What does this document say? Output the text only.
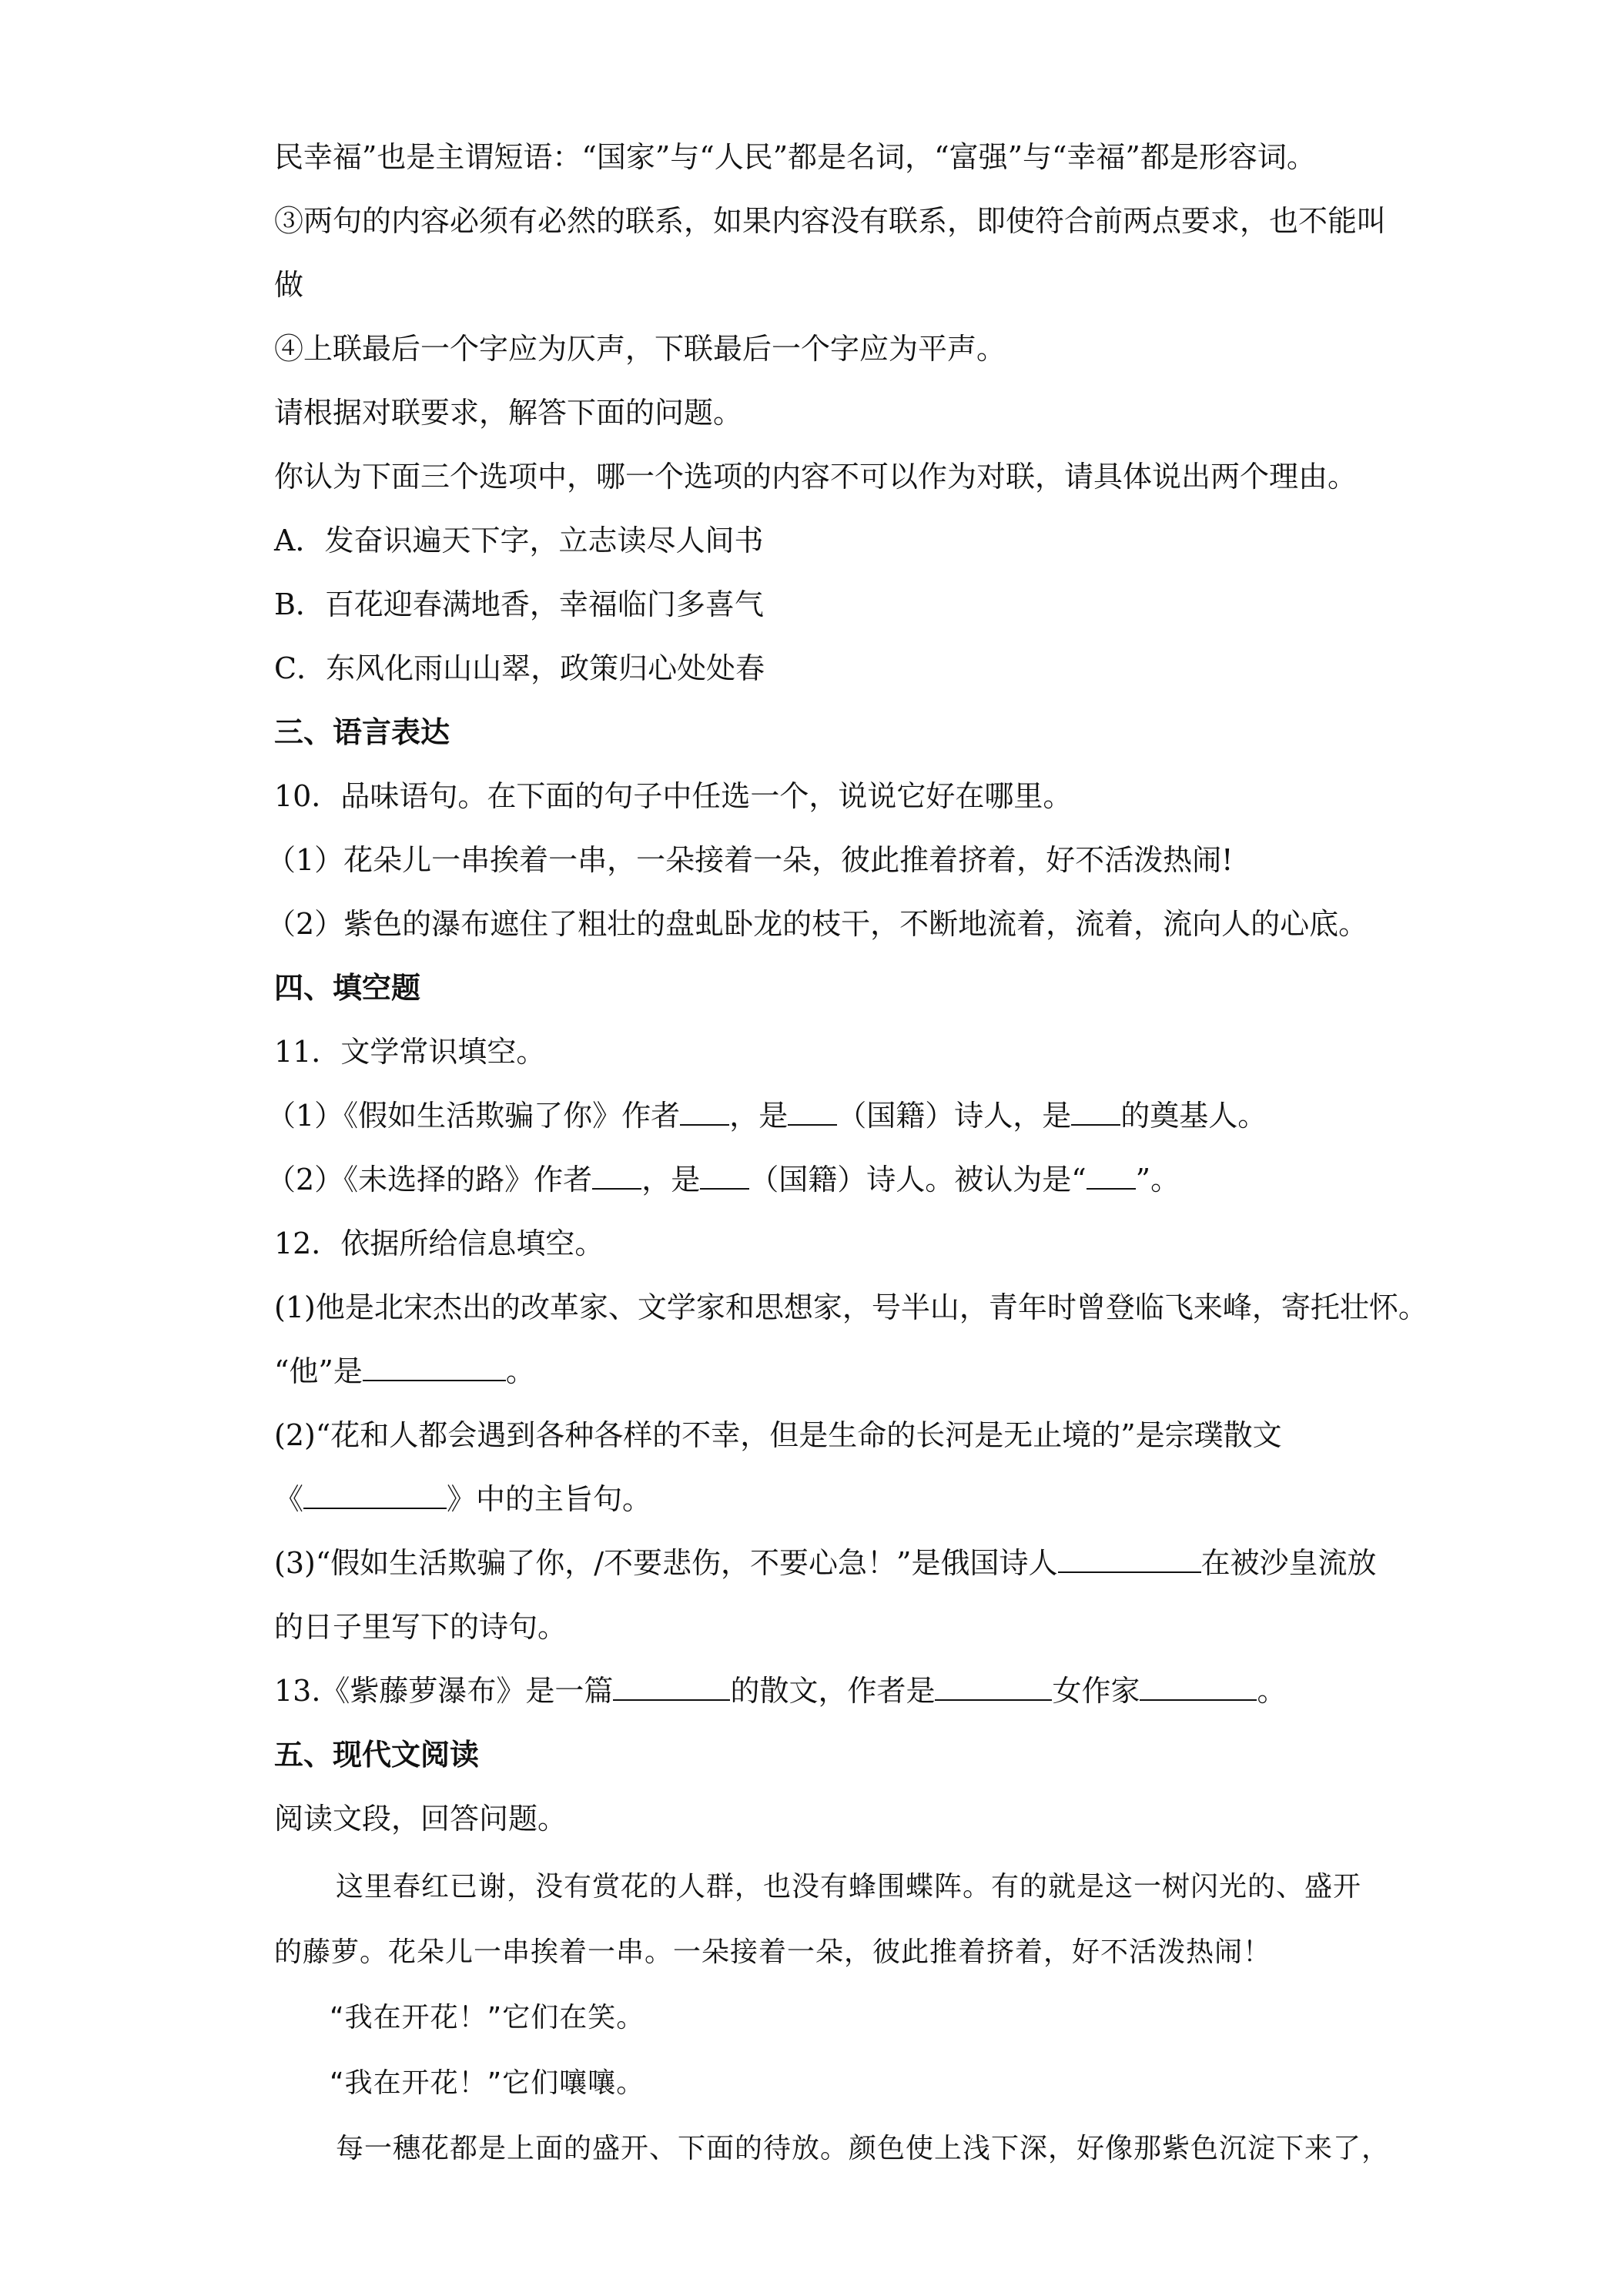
民幸福”也是主谓短语：“国家”与“人民”都是名词，“富强”与“幸福”都是形容词。

③两句的内容必须有必然的联系，如果内容没有联系，即使符合前两点要求，也不能叫

做

④上联最后一个字应为仄声，下联最后一个字应为平声。

请根据对联要求，解答下面的问题。

你认为下面三个选项中，哪一个选项的内容不可以作为对联，请具体说出两个理由。

A．发奋识遍天下字，立志读尽人间书

B．百花迎春满地香，幸福临门多喜气

C．东风化雨山山翠，政策归心处处春

三、语言表达

10．品味语句。在下面的句子中任选一个，说说它好在哪里。

（1）花朵儿一串挨着一串，一朵接着一朵，彼此推着挤着，好不活泼热闹!

（2）紫色的瀑布遮住了粗壮的盘虬卧龙的枝干，不断地流着，流着，流向人的心底。

四、填空题

11．文学常识填空。

（1）《假如生活欺骗了你》作者 ，是 （国籍）诗人，是 的奠基人。

（2）《未选择的路》作者 ，是 （国籍）诗人。被认为是“ ”。

12．依据所给信息填空。

(1)他是北宋杰出的改革家、文学家和思想家，号半山，青年时曾登临飞来峰，寄托壮怀。

“他”是	。

(2)“花和人都会遇到各种各样的不幸，但是生命的长河是无止境的”是宗璞散文

《	》中的主旨句。

(3)“假如生活欺骗了你，/不要悲伤，不要心急！”是俄国诗人	在被沙皇流放

的日子里写下的诗句。

13.《紫藤萝瀑布》是一篇	的散文，作者是	女作家	。

五、现代文阅读

阅读文段，回答问题。

这里春红已谢，没有赏花的人群，也没有蜂围蝶阵。有的就是这一树闪光的、盛开

的藤萝。花朵儿一串挨着一串。一朵接着一朵，彼此推着挤着，好不活泼热闹！

“我在开花！”它们在笑。

“我在开花！”它们嚷嚷。

每一穗花都是上面的盛开、下面的待放。颜色使上浅下深，好像那紫色沉淀下来了，
